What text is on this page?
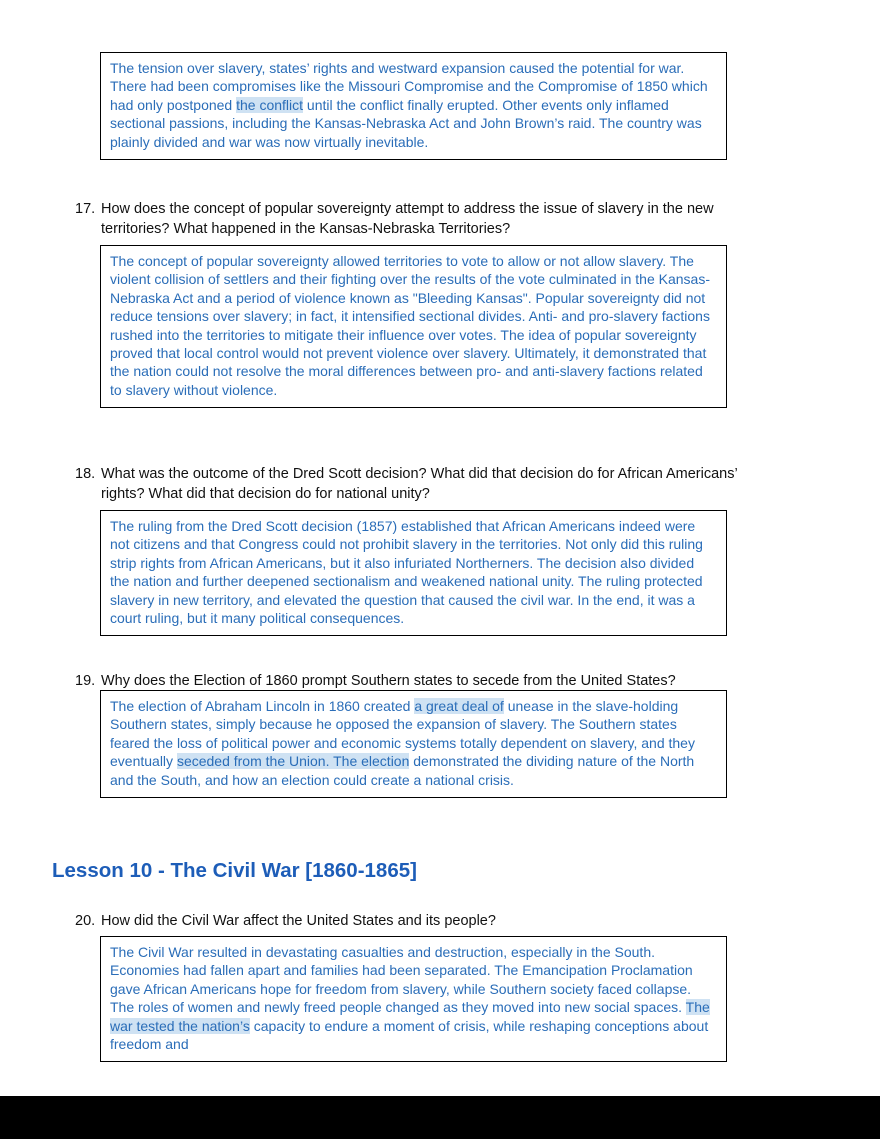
The tension over slavery, states’ rights and westward expansion caused the potential for war. There had been compromises like the Missouri Compromise and the Compromise of 1850 which had only postponed the conflict until the conflict finally erupted. Other events only inflamed sectional passions, including the Kansas-Nebraska Act and John Brown’s raid. The country was plainly divided and war was now virtually inevitable.

17. How does the concept of popular sovereignty attempt to address the issue of slavery in the new territories? What happened in the Kansas-Nebraska Territories?

The concept of popular sovereignty allowed territories to vote to allow or not allow slavery. The violent collision of settlers and their fighting over the results of the vote culminated in the Kansas-Nebraska Act and a period of violence known as "Bleeding Kansas". Popular sovereignty did not reduce tensions over slavery; in fact, it intensified sectional divides. Anti- and pro-slavery factions rushed into the territories to mitigate their influence over votes. The idea of popular sovereignty proved that local control would not prevent violence over slavery. Ultimately, it demonstrated that the nation could not resolve the moral differences between pro- and anti-slavery factions related to slavery without violence.

18. What was the outcome of the Dred Scott decision? What did that decision do for African Americans’ rights? What did that decision do for national unity?

The ruling from the Dred Scott decision (1857) established that African Americans indeed were not citizens and that Congress could not prohibit slavery in the territories. Not only did this ruling strip rights from African Americans, but it also infuriated Northerners. The decision also divided the nation and further deepened sectionalism and weakened national unity. The ruling protected slavery in new territory, and elevated the question that caused the civil war. In the end, it was a court ruling, but it many political consequences.

19. Why does the Election of 1860 prompt Southern states to secede from the United States?

The election of Abraham Lincoln in 1860 created a great deal of unease in the slave-holding Southern states, simply because he opposed the expansion of slavery. The Southern states feared the loss of political power and economic systems totally dependent on slavery, and they eventually seceded from the Union. The election demonstrated the dividing nature of the North and the South, and how an election could create a national crisis.

Lesson 10 - The Civil War [1860-1865]
20. How did the Civil War affect the United States and its people?

The Civil War resulted in devastating casualties and destruction, especially in the South. Economies had fallen apart and families had been separated. The Emancipation Proclamation gave African Americans hope for freedom from slavery, while Southern society faced collapse. The roles of women and newly freed people changed as they moved into new social spaces. The war tested the nation’s capacity to endure a moment of crisis, while reshaping conceptions about freedom and
